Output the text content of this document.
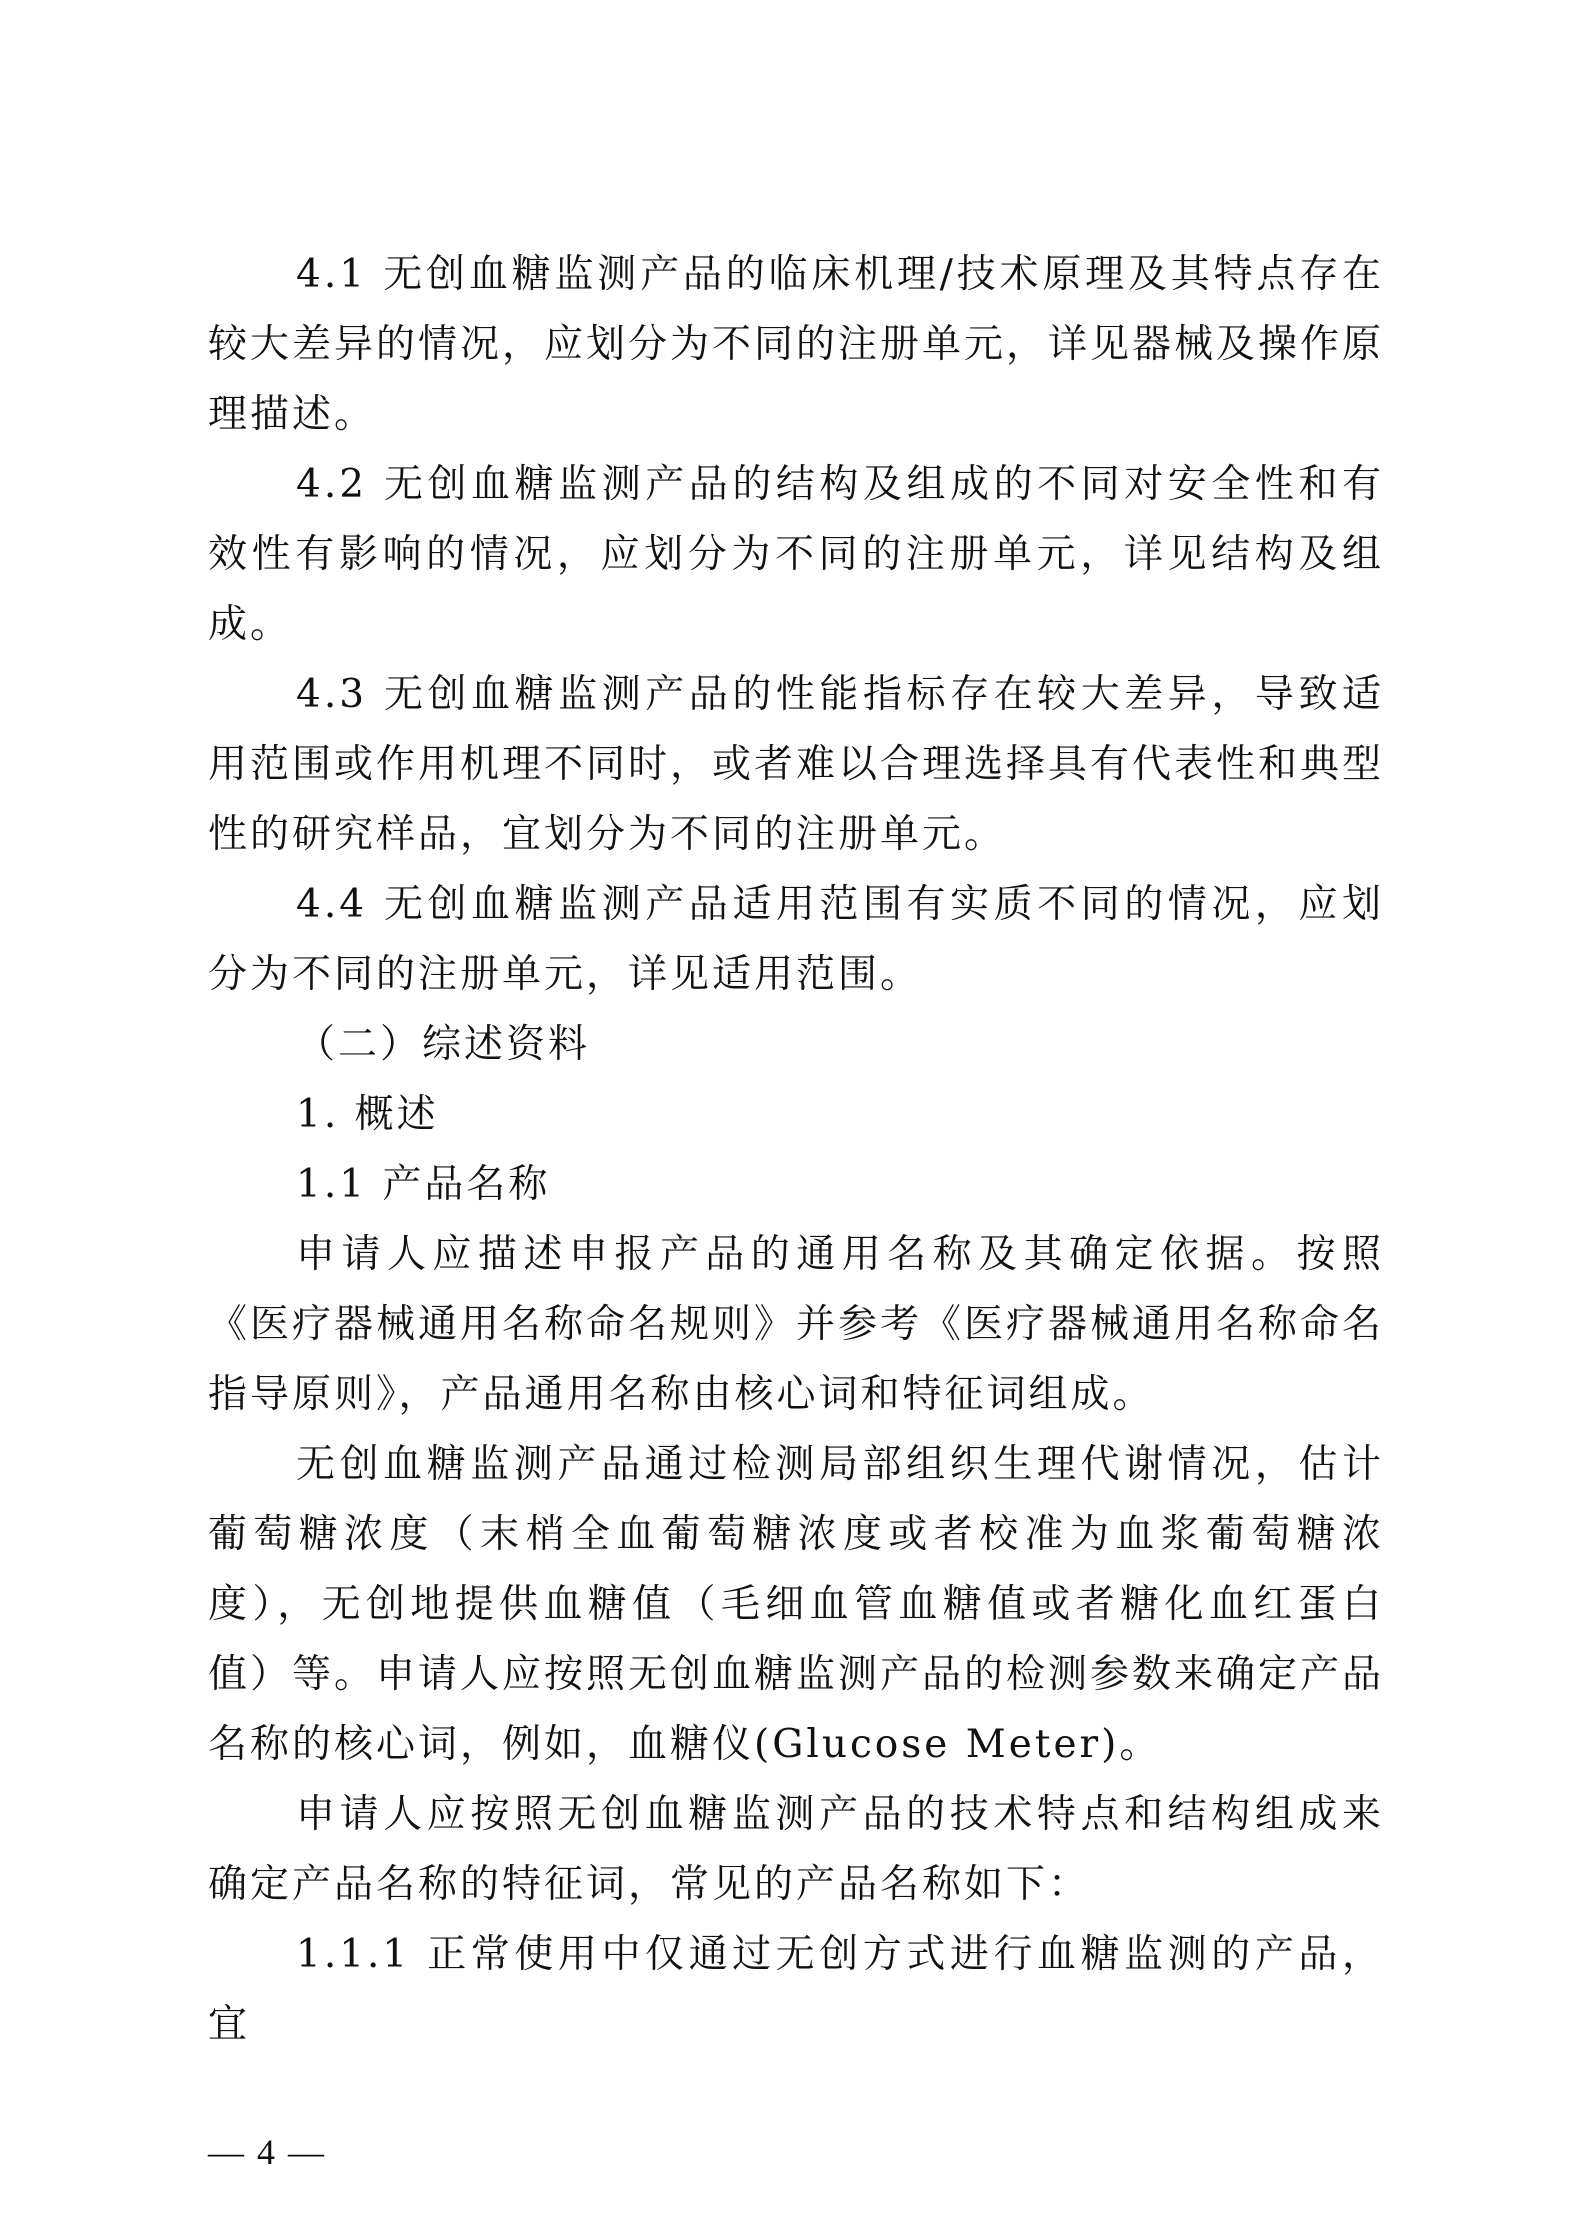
4.1 无创血糖监测产品的临床机理/技术原理及其特点存在较大差异的情况，应划分为不同的注册单元，详见器械及操作原理描述。

4.2 无创血糖监测产品的结构及组成的不同对安全性和有效性有影响的情况，应划分为不同的注册单元，详见结构及组成。

4.3 无创血糖监测产品的性能指标存在较大差异，导致适用范围或作用机理不同时，或者难以合理选择具有代表性和典型性的研究样品，宜划分为不同的注册单元。

4.4 无创血糖监测产品适用范围有实质不同的情况，应划分为不同的注册单元，详见适用范围。

（二）综述资料

1. 概述

1.1 产品名称

申请人应描述申报产品的通用名称及其确定依据。按照《医疗器械通用名称命名规则》并参考《医疗器械通用名称命名指导原则》，产品通用名称由核心词和特征词组成。

无创血糖监测产品通过检测局部组织生理代谢情况，估计葡萄糖浓度（末梢全血葡萄糖浓度或者校准为血浆葡萄糖浓度），无创地提供血糖值（毛细血管血糖值或者糖化血红蛋白值）等。申请人应按照无创血糖监测产品的检测参数来确定产品名称的核心词，例如，血糖仪(Glucose Meter)。

申请人应按照无创血糖监测产品的技术特点和结构组成来确定产品名称的特征词，常见的产品名称如下：

1.1.1 正常使用中仅通过无创方式进行血糖监测的产品，宜

— 4 —
